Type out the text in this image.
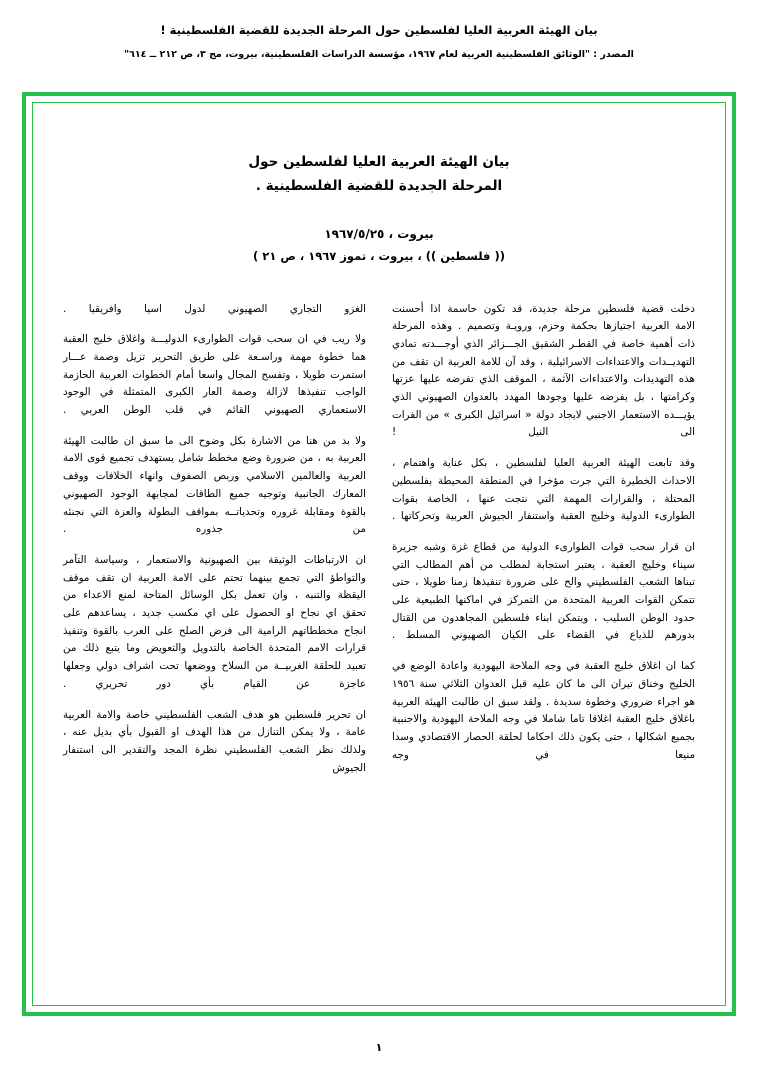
بيان الهيئة العربية العليا لفلسطين حول المرحلة الجديدة للقضية الفلسطينية !
المصدر : "الوثائق الفلسطينية العربية لعام ١٩٦٧، مؤسسة الدراسات الفلسطينية، بيروت، مج ٣، ص ٢١٢ ــ ٦١٤"
بيان الهيئة العربية العليا لفلسطين حول
المرحلة الجديدة للقضية الفلسطينية .
بيروت ، ١٩٦٧/٥/٢٥
(( فلسطين )) ، بيروت ، تموز ١٩٦٧ ، ص ٢١ )

دخلت قضية فلسطين مرحلة جديدة، قد تكون حاسمة اذا أحسنت الامة العربية اجتيازها بحكمة وحزم، ورويـة وتصميم . وهذه المرحلة ذات أهمية خاصة في القطـر الشقيق الجـــزائر الذي أوجـــدته تمادي التهديــدات والاعتداءات الاسرائيلية ، وقد آن للامة العربية ان تقف من هذه التهديدات والاعتداءات الآثمة ، الموقف الذي تفرضه عليها عزتها وكرامتها ، بل يفرضه عليها وجودها المهدد بالعدوان الصهيوني الذي يؤيـــده الاستعمار الاجنبي لايجاد دولة « اسرائيل الكبرى » من الفرات الى النيل !

وقد تابعت الهيئة العربية العليا لفلسطين ، بكل عناية واهتمام ، الاحداث الخطيرة التي جرت مؤخرا في المنطقة المحيطة بفلسطين المحتلة ، والقرارات المهمة التي نتجت عنها ، الخاصة بقوات الطوارىء الدولية وخليج العقبة واستنفار الجيوش العربية وتحركاتها .

ان قرار سحب قوات الطوارىء الدولية من قطاع غزة وشبه جزيرة سيناء وخليج العقبة ، يعتبر استجابة لمطلب من أهم المطالب التي تبناها الشعب الفلسطيني والح على ضرورة تنفيذها زمنا طويلا ، حتى تتمكن القوات العربية المتحدة من التمركز في اماكنها الطبيعية على حدود الوطن السليب ، ويتمكن ابناء فلسطين المجاهدون من القتال بدورهم للذياع في القضاء على الكيان الصهيوني المسلط .

كما ان اغلاق خليج العقبة في وجه الملاحة اليهودية واعادة الوضع في الخليج وخناق تيران الى ما كان عليه قبل العدوان الثلاثي سنة ١٩٥٦ هو اجراء ضروري وخطوة سديدة . ولقد سبق ان طالبت الهيئة العربية باغلاق خليج العقبة اغلاقا تاما شاملا في وجه الملاحة اليهودية والاجنبية بجميع اشكالها ، حتى يكون ذلك احكاما لحلقة الحصار الاقتصادي وسدا منيعا في وجه

الغزو التجاري الصهيوني لدول اسيا وافريقيا .

ولا ريب في ان سحب قوات الطوارىء الدوليـــة واغلاق خليج العقبة هما خطوة مهمة وراسـعة على طريق التحرير تزيل وصمة عـــار استمرت طويلا ، وتفسح المجال واسعا أمام الخطوات العربية الحازمة الواجب تنفيذها لازالة وصمة العار الكبرى المتمثلة في الوجود الاستعماري الصهيوني القائم في قلب الوطن العربي .

ولا بد من هنا من الاشارة بكل وضوح الى ما سبق ان طالبت الهيئة العربية به ، من ضرورة وضع مخطط شامل يستهدف تجميع قوى الامة العربية والعالمين الاسلامي وربص الصفوف وانهاء الخلافات ووقف المعارك الجانبية وتوجيه جميع الطاقات لمجابهة الوجود الصهيوني بالقوة ومقابلة غروره وتحدياتــه بمواقف البطولة والعزة التي نجنئه من جذوره .

ان الارتباطات الوثيقة بين الصهيونية والاستعمار ، وسياسة التآمر والتواطؤ التي تجمع بينهما تحتم على الامة العربية ان تقف موقف اليقظة والتنبه ، وان تعمل بكل الوسائل المتاحة لمنع الاعداء من تحقق اي نجاح او الحصول على اي مكسب جديد ، يساعدهم على انجاح مخططاتهم الرامية الى فرض الصلح على العرب بالقوة وتنفيذ قرارات الامم المتحدة الخاصة بالتدويل والتعويض وما يتبع ذلك من تعبيد للحلقة الغربيــة من السلاح ووضعها تحت اشراف دولي وجعلها عاجزة عن القيام بأي دور تحريري .

ان تحرير فلسطين هو هدف الشعب الفلسطيني خاصة والامة العربية عامة ، ولا يمكن التنازل من هذا الهدف او القبول بأي بديل عنه ، ولذلك نظر الشعب الفلسطيني نظرة المجد والتقدير الى استنفار الجيوش

١
